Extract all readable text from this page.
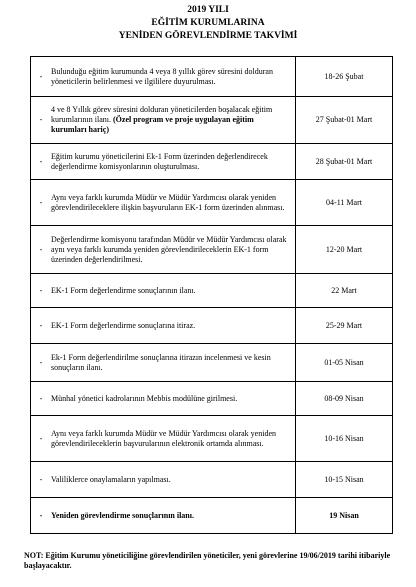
2019 YILI
EĞİTİM KURUMLARINA
YENİDEN GÖREVLENDİRME TAKVİMİ
-	Bulunduğu eğitim kurumunda 4 veya 8 yıllık görev süresini dolduran yöneticilerin belirlenmesi ve ilgililere duyurulması.	18-26 Şubat
-	4 ve 8 Yıllık görev süresini dolduran yöneticilerden boşalacak eğitim kurumlarının ilanı. (Özel program ve proje uygulayan eğitim kurumları hariç)	27 Şubat-01 Mart
-	Eğitim kurumu yöneticilerini Ek-1 Form üzerinden değerlendirecek değerlendirme komisyonlarının oluşturulması.	28 Şubat-01 Mart
-	Aynı veya farklı kurumda Müdür ve Müdür Yardımcısı olarak yeniden görevlendirileceklere ilişkin başvuruların EK-1 form üzerinden alınması.	04-11 Mart
-	Değerlendirme komisyonu tarafından Müdür ve Müdür Yardımcısı olarak aynı veya farklı kurumda yeniden görevlendirileceklerin EK-1 form üzerinden değerlendirilmesi.	12-20 Mart
-	EK-1 Form değerlendirme sonuçlarının ilanı.	22 Mart
-	EK-1 Form değerlendirme sonuçlarına itiraz.	25-29 Mart
-	Ek-1 Form değerlendirilme sonuçlarına itirazın incelenmesi ve kesin sonuçların ilanı.	01-05 Nisan
-	Münhal yönetici kadrolarının Mebbis modülüne girilmesi.	08-09 Nisan
-	Aynı veya farklı kurumda Müdür ve Müdür Yardımcısı olarak yeniden görevlendirileceklerin başvurularının elektronik ortamda alınması.	10-16 Nisan
-	Valiliklerce onaylamaların yapılması.	10-15 Nisan
-	Yeniden görevlendirme sonuçlarının ilanı.	19 Nisan
NOT: Eğitim Kurumu yöneticiliğine görevlendirilen yöneticiler, yeni görevlerine 19/06/2019 tarihi itibariyle başlayacaktır.
